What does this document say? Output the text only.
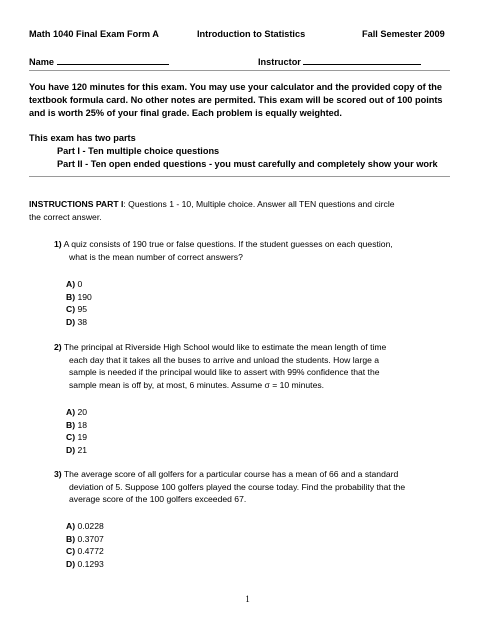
Math 1040 Final Exam Form A	Introduction to Statistics	Fall Semester 2009
Name	Instructor
You have 120 minutes for this exam. You may use your calculator and the provided copy of the textbook formula card. No other notes are permited. This exam will be scored out of 100 points and is worth 25% of your final grade. Each problem is equally weighted.
This exam has two parts
Part I - Ten multiple choice questions
Part II - Ten open ended questions - you must carefully and completely show your work
INSTRUCTIONS PART I: Questions 1 - 10, Multiple choice. Answer all TEN questions and circle
the correct answer.
1) A quiz consists of 190 true or false questions. If the student guesses on each question,
what is the mean number of correct answers?
A) 0
B) 190
C) 95
D) 38
2) The principal at Riverside High School would like to estimate the mean length of time
each day that it takes all the buses to arrive and unload the students. How large a
sample is needed if the principal would like to assert with 99% confidence that the
sample mean is off by, at most, 6 minutes. Assume σ = 10 minutes.
A) 20
B) 18
C) 19
D) 21
3) The average score of all golfers for a particular course has a mean of 66 and a standard
deviation of 5. Suppose 100 golfers played the course today. Find the probability that the
average score of the 100 golfers exceeded 67.
A) 0.0228
B) 0.3707
C) 0.4772
D) 0.1293
1
